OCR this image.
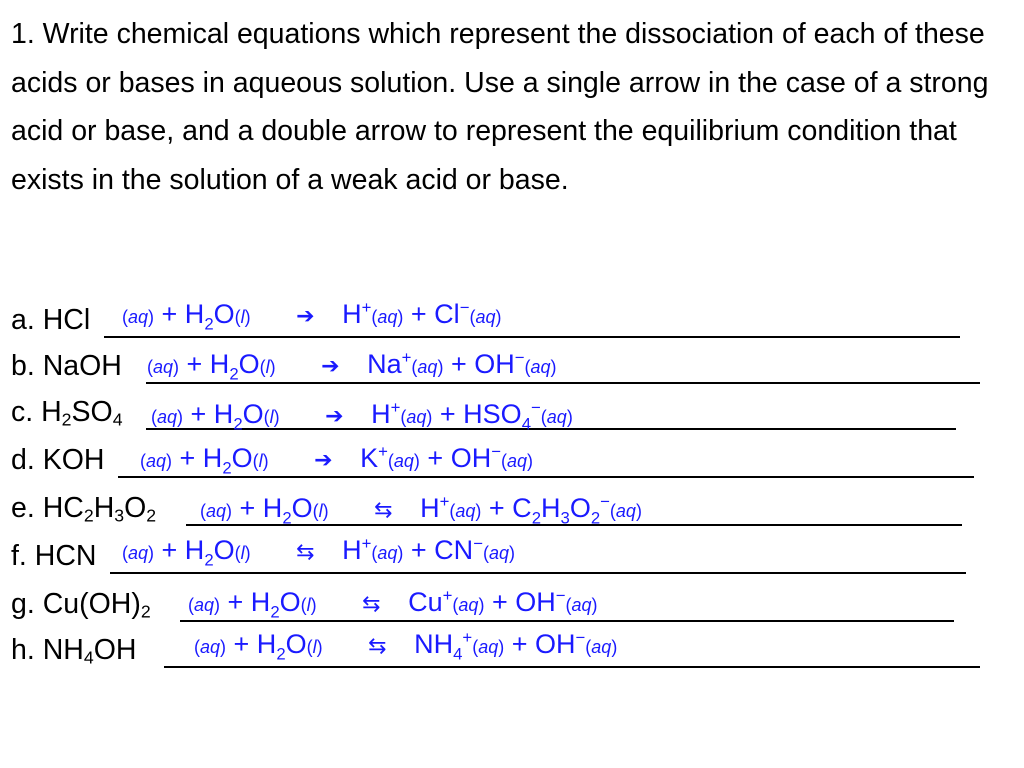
1. Write chemical equations which represent the dissociation of each of these acids or bases in aqueous solution. Use a single arrow in the case of a strong acid or base, and a double arrow to represent the equilibrium condition that exists in the solution of a weak acid or base.

a. HCl $(aq) + H_2O(l)$ ➔ H+(aq) + Cl−(aq)
b. NaOH $(aq) + H_2O(l)$ ➔ Na+(aq) + OH−(aq)
c. $H_2SO_4$ $(aq) + H_2O(l)$ ➔ $H^+(aq) + HSO_4^-(aq)$
d. KOH $(aq) + H_2O(l)$ ➔ K+(aq) + OH−(aq)
e. $HC_2H_3O_2$ $(aq) + H_2O(l)$ ⇆ $H^+(aq) + C_2H_3O_2^-(aq)$
f. HCN $(aq) + H_2O(l)$ ⇆ H+(aq) + CN−(aq)
g. $Cu(OH)_2$ $(aq) + H_2O(l)$ ⇆ Cu+(aq) + OH−(aq)
h. $NH_4OH$	$(aq) + H_2O(l)$ ⇆ $NH_4^+(aq) + OH^-(aq)$
